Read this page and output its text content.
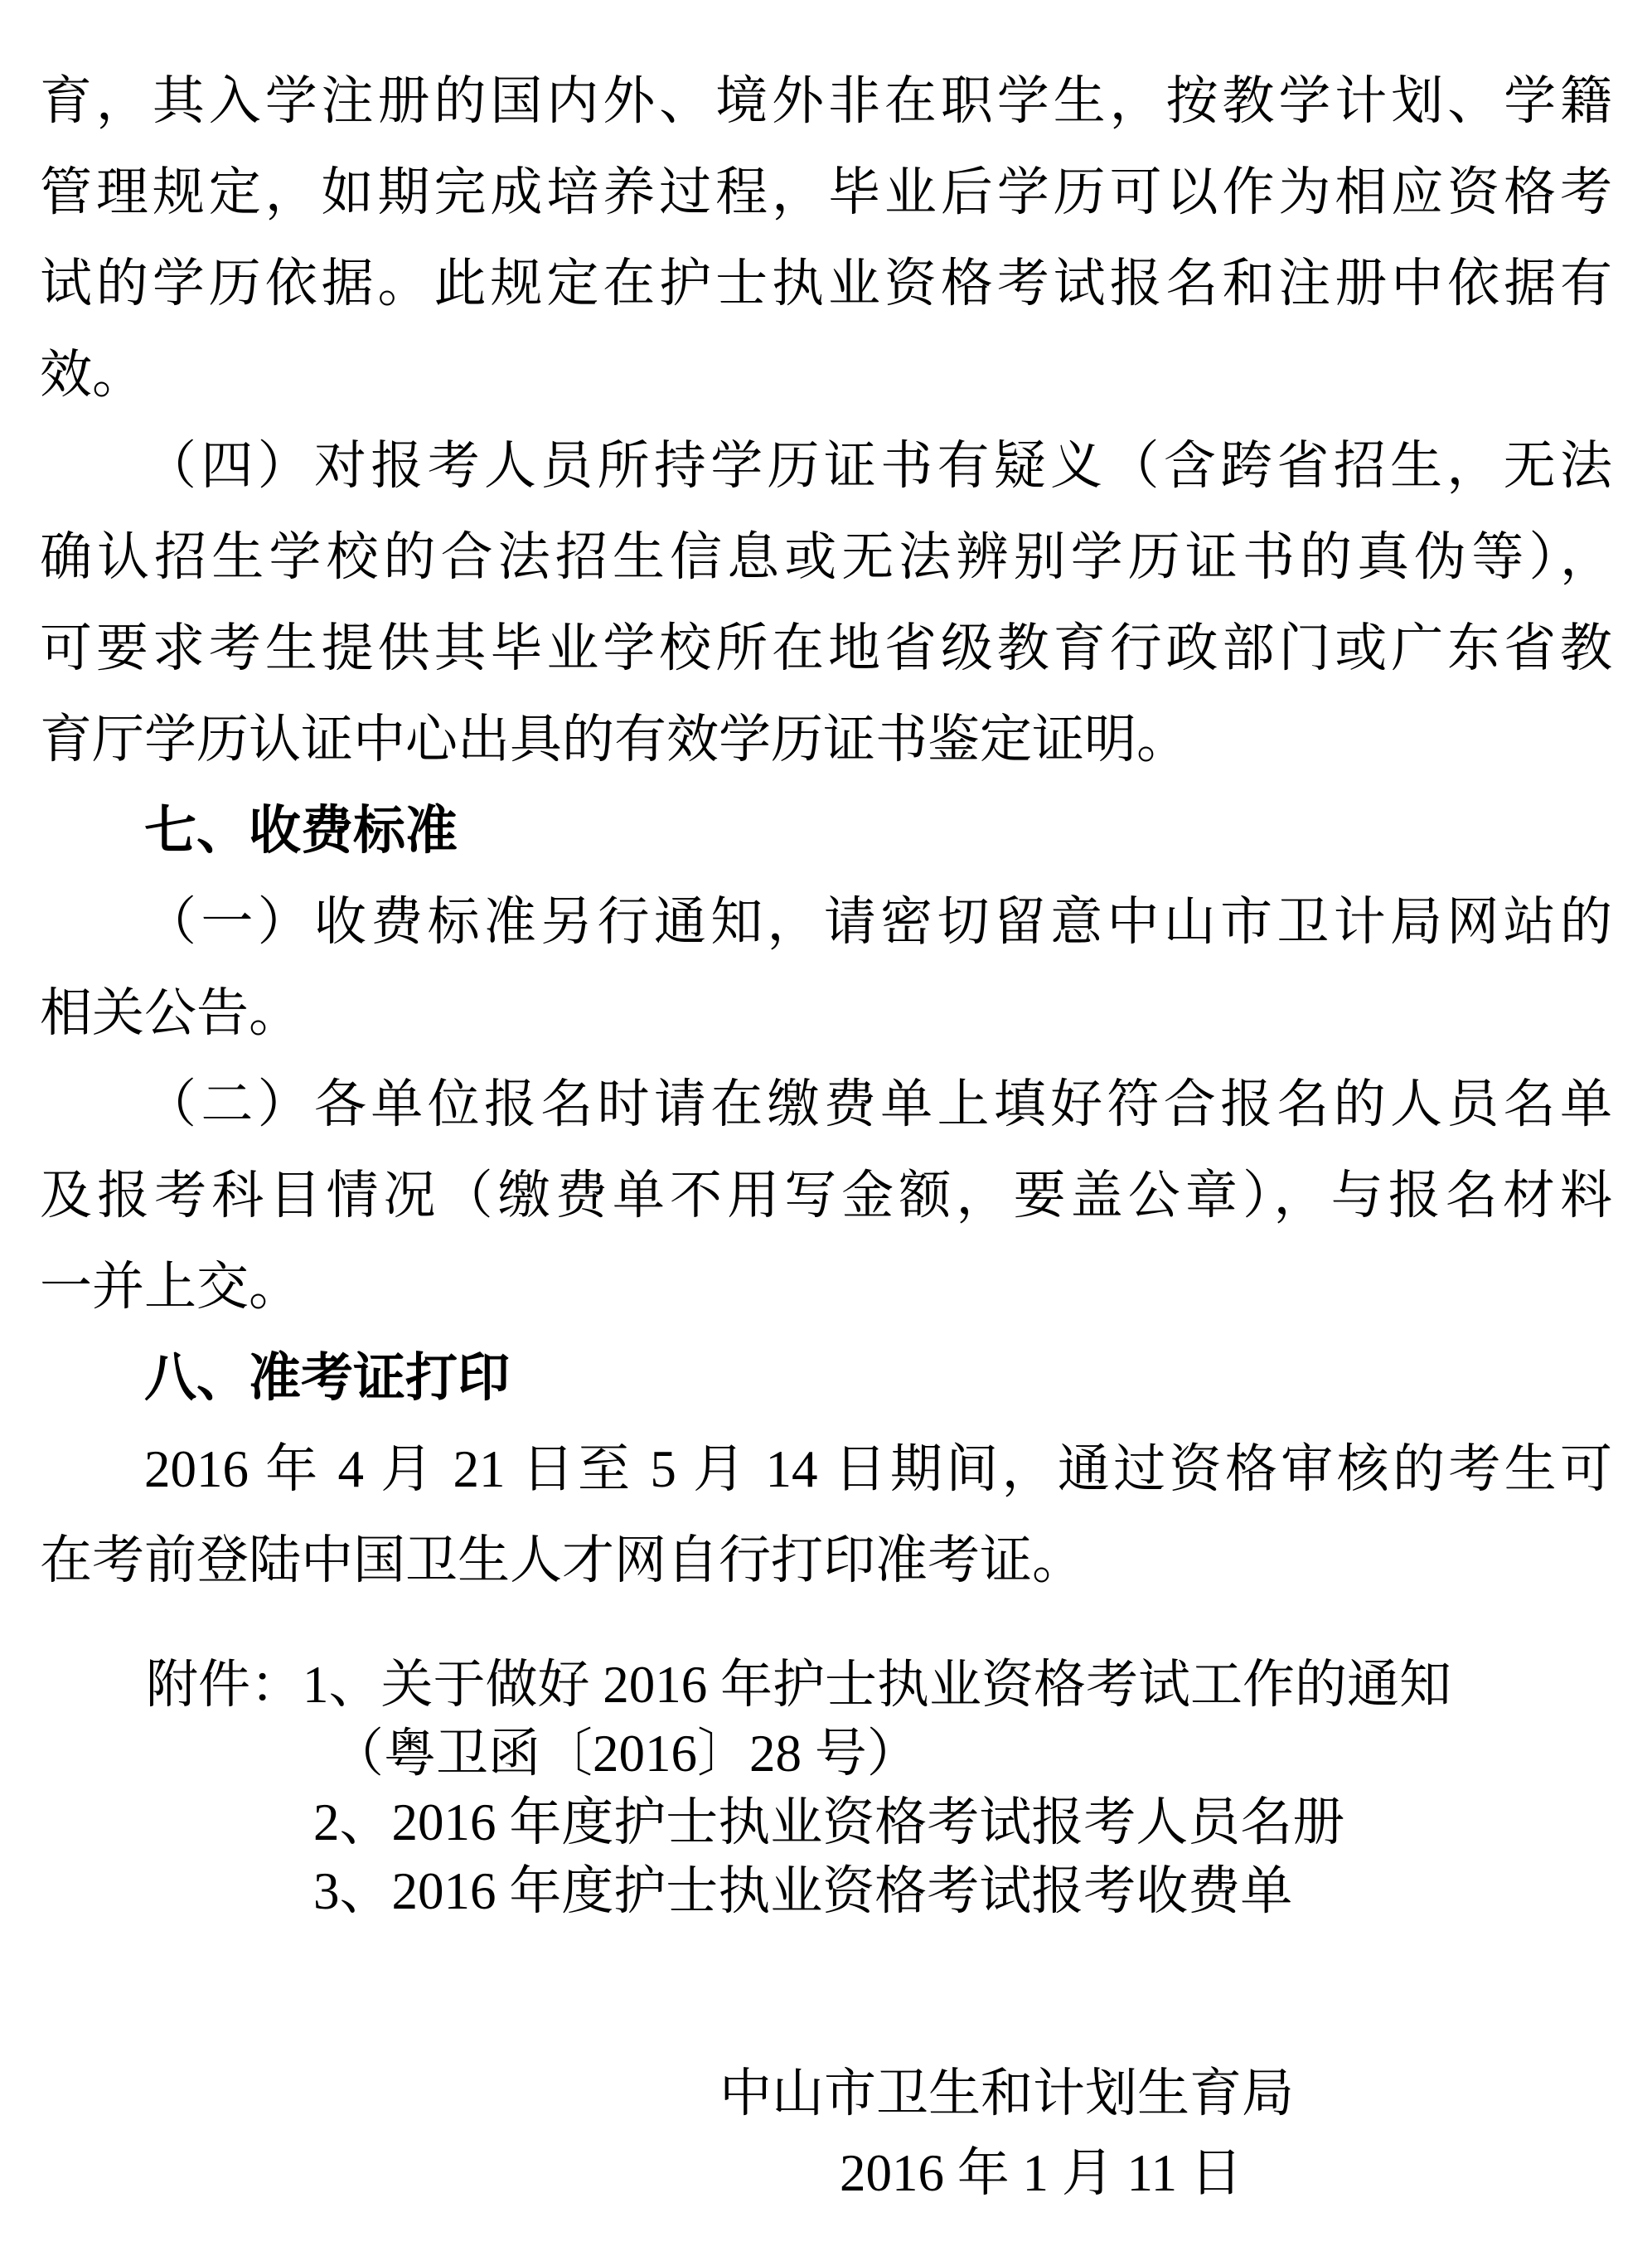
育，其入学注册的国内外、境外非在职学生，按教学计划、学籍
管理规定，如期完成培养过程，毕业后学历可以作为相应资格考
试的学历依据。此规定在护士执业资格考试报名和注册中依据有
效。
（四）对报考人员所持学历证书有疑义（含跨省招生，无法
确认招生学校的合法招生信息或无法辨别学历证书的真伪等），
可要求考生提供其毕业学校所在地省级教育行政部门或广东省教
育厅学历认证中心出具的有效学历证书鉴定证明。
七、收费标准
（一）收费标准另行通知，请密切留意中山市卫计局网站的
相关公告。
（二）各单位报名时请在缴费单上填好符合报名的人员名单
及报考科目情况（缴费单不用写金额，要盖公章），与报名材料
一并上交。
八、准考证打印
2016 年 4 月 21 日至 5 月 14 日期间，通过资格审核的考生可
在考前登陆中国卫生人才网自行打印准考证。
附件：1、关于做好 2016 年护士执业资格考试工作的通知
（粤卫函〔2016〕28 号）
2、2016 年度护士执业资格考试报考人员名册
3、2016 年度护士执业资格考试报考收费单
中山市卫生和计划生育局
2016 年 1 月 11 日
